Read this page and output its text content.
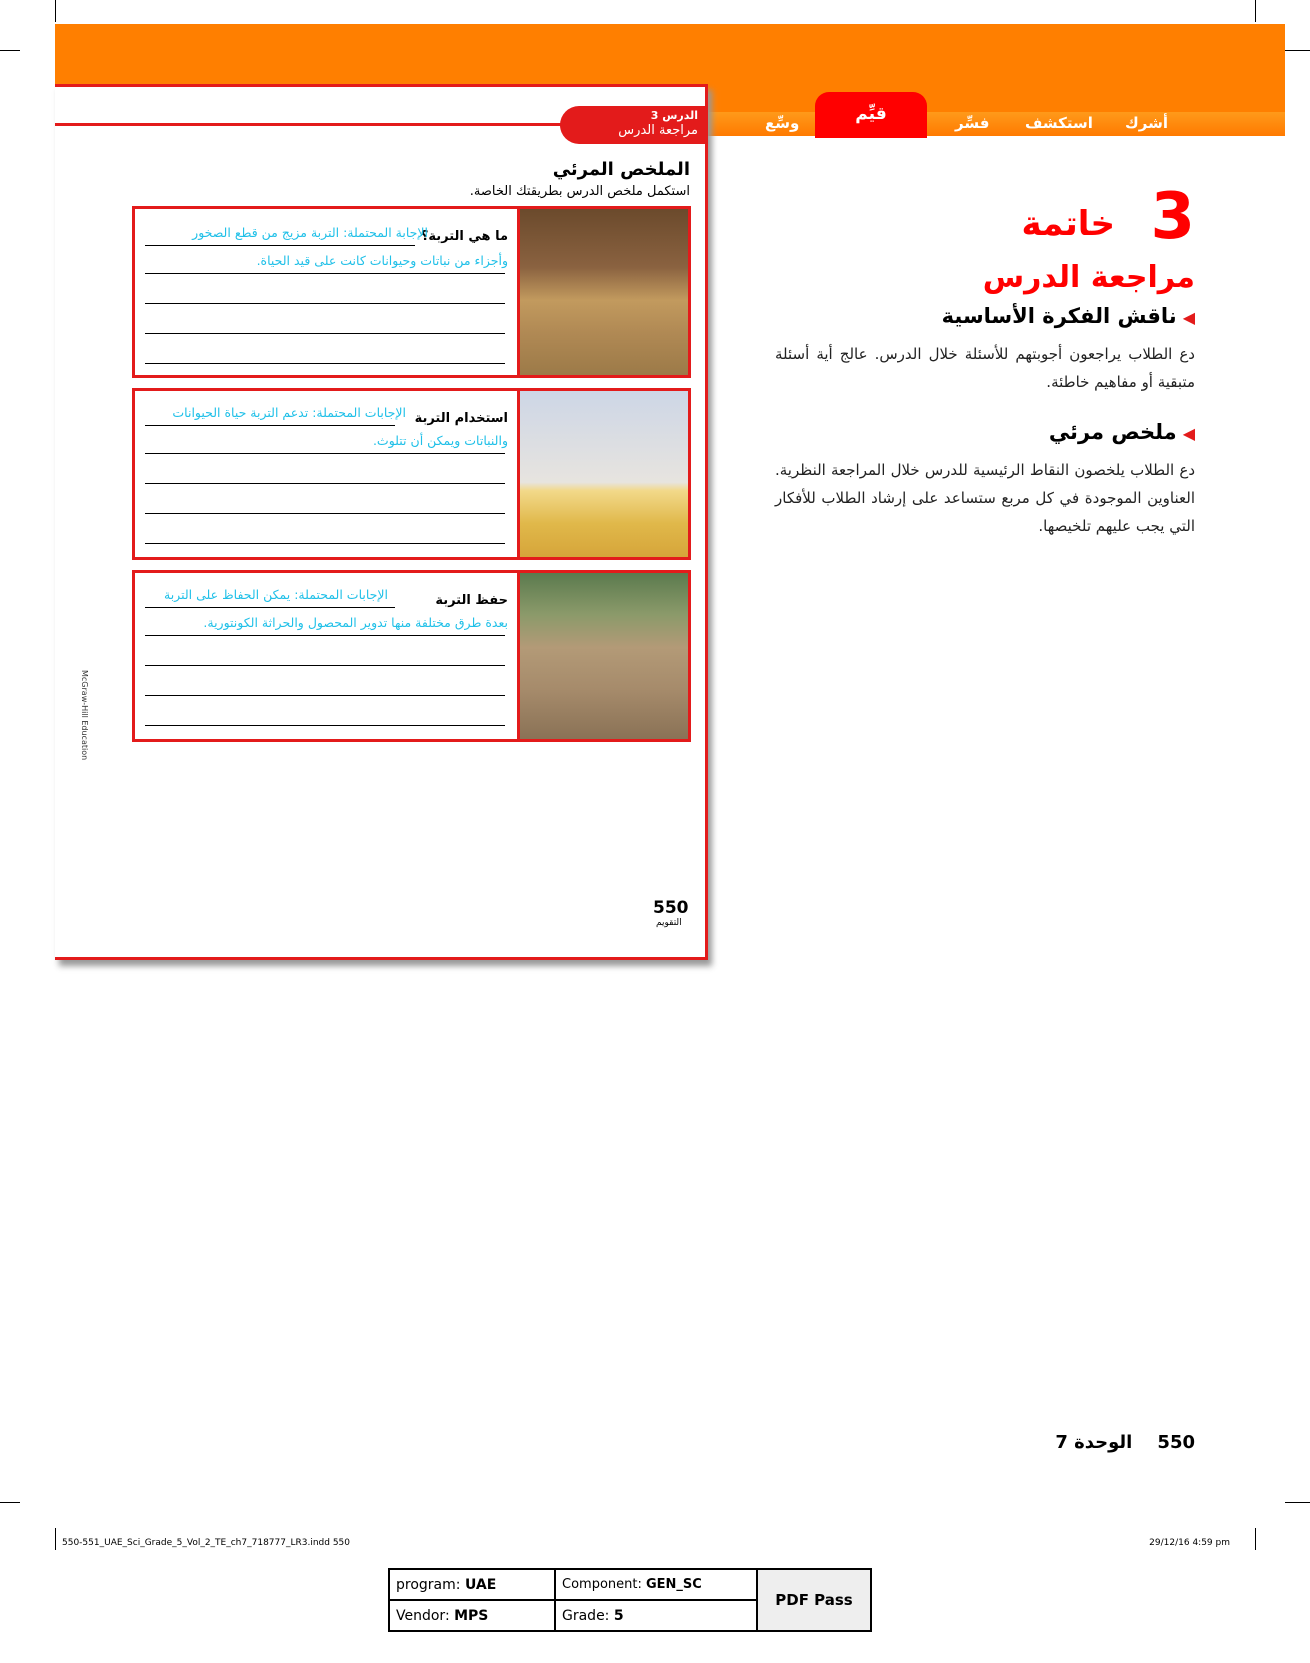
أشرك
استكشف
فسِّر
قيِّم
وسِّع
الدرس 3
مراجعة الدرس
الملخص المرئي
استكمل ملخص الدرس بطريقتك الخاصة.
ما هي التربة؟
الإجابة المحتملة: التربة مزيج من قطع الصخور
وأجزاء من نباتات وحيوانات كانت على قيد الحياة.
استخدام التربة
الإجابات المحتملة: تدعم التربة حياة الحيوانات
والنباتات ويمكن أن تتلوث.
حفظ التربة
الإجابات المحتملة: يمكن الحفاظ على التربة
بعدة طرق مختلفة منها تدوير المحصول والحراثة الكونتورية.
McGraw-Hill Education
550
التقويم
3
خاتمة
مراجعة الدرس
◀ناقش الفكرة الأساسية
دع الطلاب يراجعون أجوبتهم للأسئلة خلال الدرس. عالج أية أسئلة متبقية أو مفاهيم خاطئة.
◀ملخص مرئي
دع الطلاب يلخصون النقاط الرئيسية للدرس خلال المراجعة النظرية. العناوين الموجودة في كل مربع ستساعد على إرشاد الطلاب للأفكار التي يجب عليهم تلخيصها.
550    الوحدة 7
550-551_UAE_Sci_Grade_5_Vol_2_TE_ch7_718777_LR3.indd 550	29/12/16 4:59 pm
program: UAE	Component: GEN_SC	PDF Pass
Vendor: MPS	Grade: 5	
